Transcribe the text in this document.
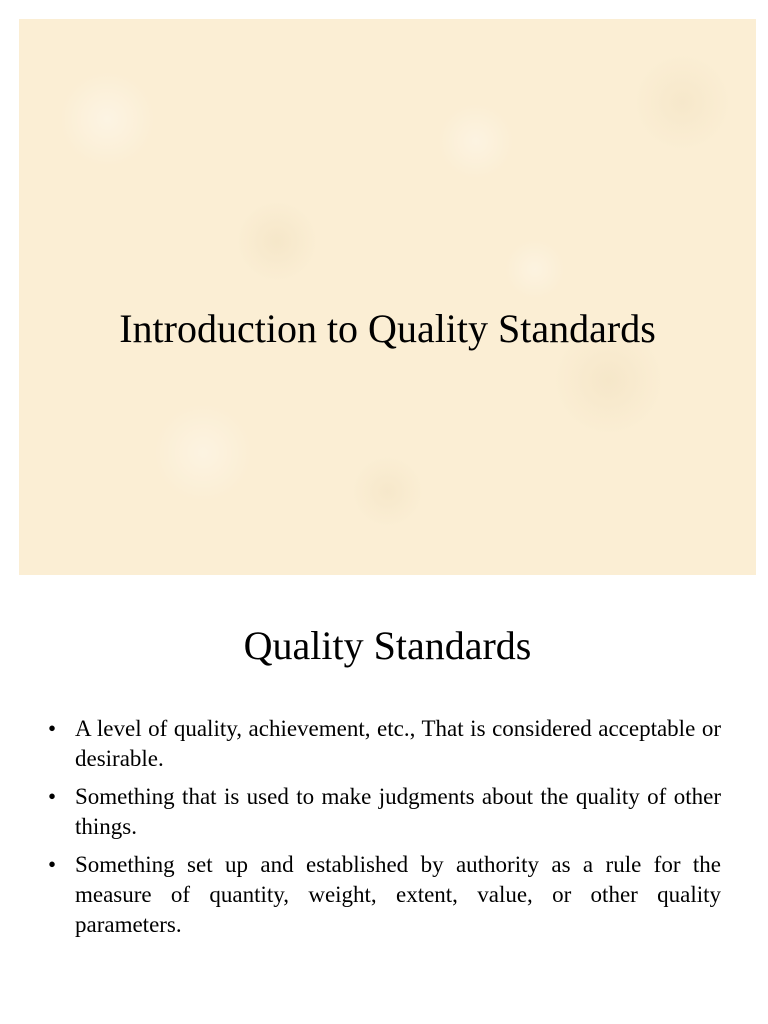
Introduction to Quality Standards
Quality Standards
• A level of quality, achievement, etc., That is considered acceptable or desirable.
• Something that is used to make judgments about the quality of other things.
• Something set up and established by authority as a rule for the measure of quantity, weight, extent, value, or other quality parameters.
